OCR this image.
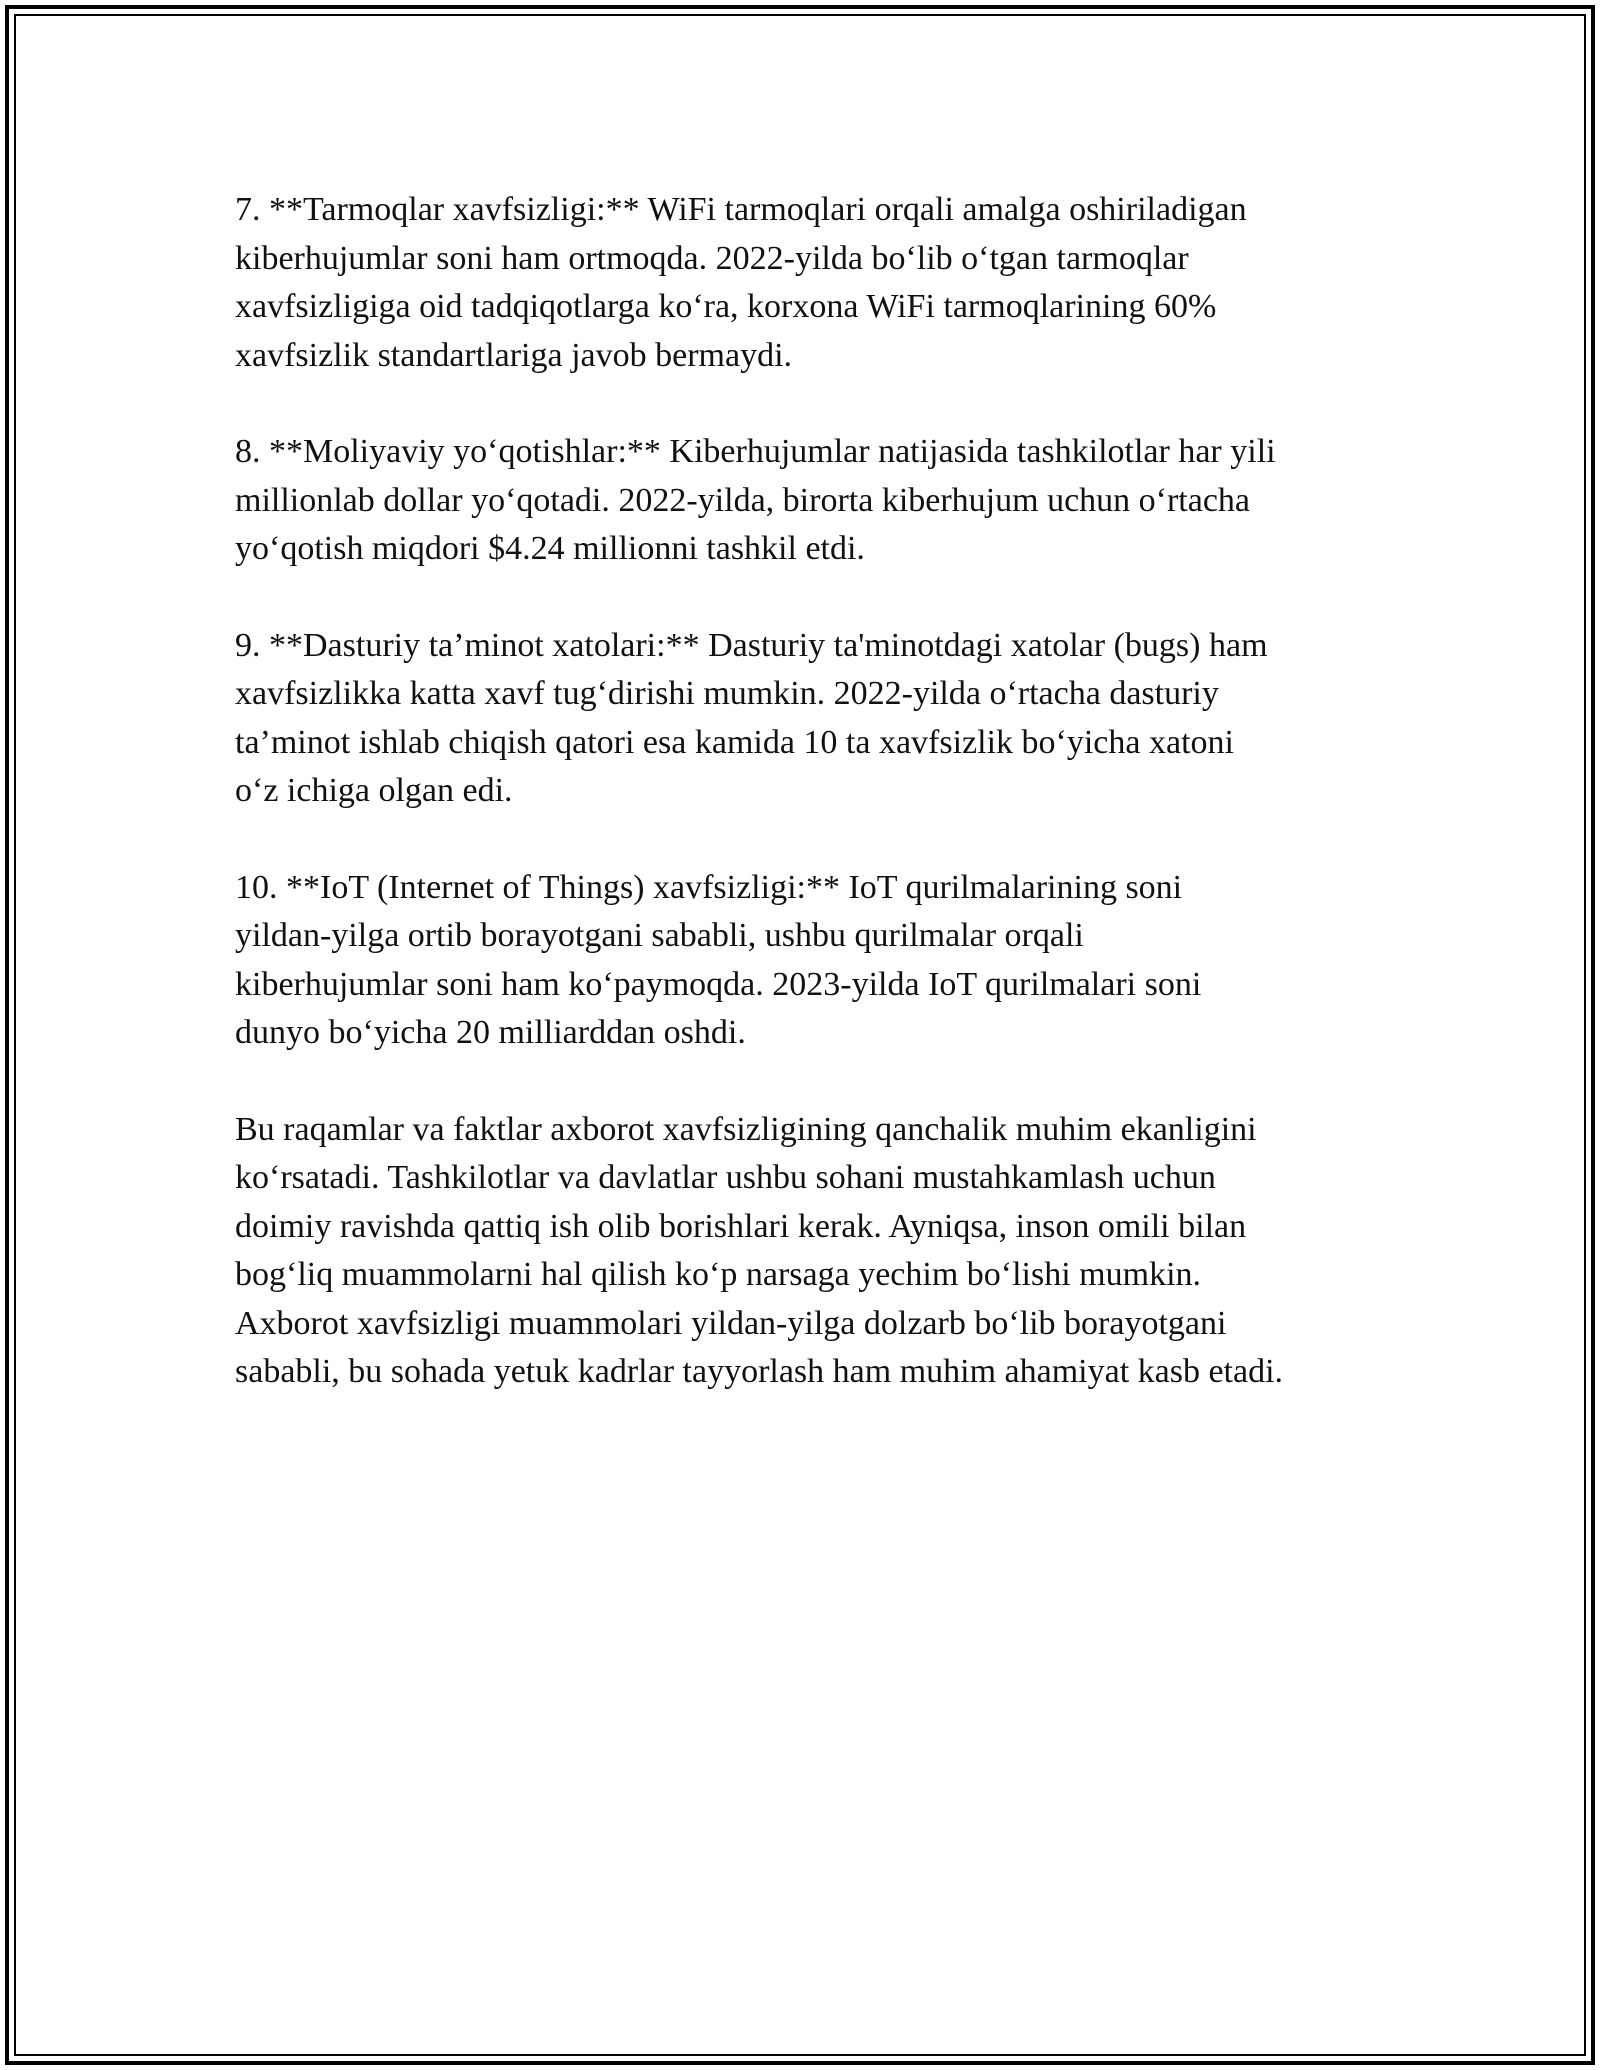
7. **Tarmoqlar xavfsizligi:** WiFi tarmoqlari orqali amalga oshiriladigan
kiberhujumlar soni ham ortmoqda. 2022-yilda bo‘lib o‘tgan tarmoqlar
xavfsizligiga oid tadqiqotlarga ko‘ra, korxona WiFi tarmoqlarining 60%
xavfsizlik standartlariga javob bermaydi.

8. **Moliyaviy yo‘qotishlar:** Kiberhujumlar natijasida tashkilotlar har yili
millionlab dollar yo‘qotadi. 2022-yilda, birorta kiberhujum uchun o‘rtacha
yo‘qotish miqdori $4.24 millionni tashkil etdi.

9. **Dasturiy ta’minot xatolari:** Dasturiy ta'minotdagi xatolar (bugs) ham
xavfsizlikka katta xavf tug‘dirishi mumkin. 2022-yilda o‘rtacha dasturiy
ta’minot ishlab chiqish qatori esa kamida 10 ta xavfsizlik bo‘yicha xatoni
o‘z ichiga olgan edi.

10. **IoT (Internet of Things) xavfsizligi:** IoT qurilmalarining soni
yildan-yilga ortib borayotgani sababli, ushbu qurilmalar orqali
kiberhujumlar soni ham ko‘paymoqda. 2023-yilda IoT qurilmalari soni
dunyo bo‘yicha 20 milliarddan oshdi.

Bu raqamlar va faktlar axborot xavfsizligining qanchalik muhim ekanligini
ko‘rsatadi. Tashkilotlar va davlatlar ushbu sohani mustahkamlash uchun
doimiy ravishda qattiq ish olib borishlari kerak. Ayniqsa, inson omili bilan
bog‘liq muammolarni hal qilish ko‘p narsaga yechim bo‘lishi mumkin.
Axborot xavfsizligi muammolari yildan-yilga dolzarb bo‘lib borayotgani
sababli, bu sohada yetuk kadrlar tayyorlash ham muhim ahamiyat kasb etadi.
